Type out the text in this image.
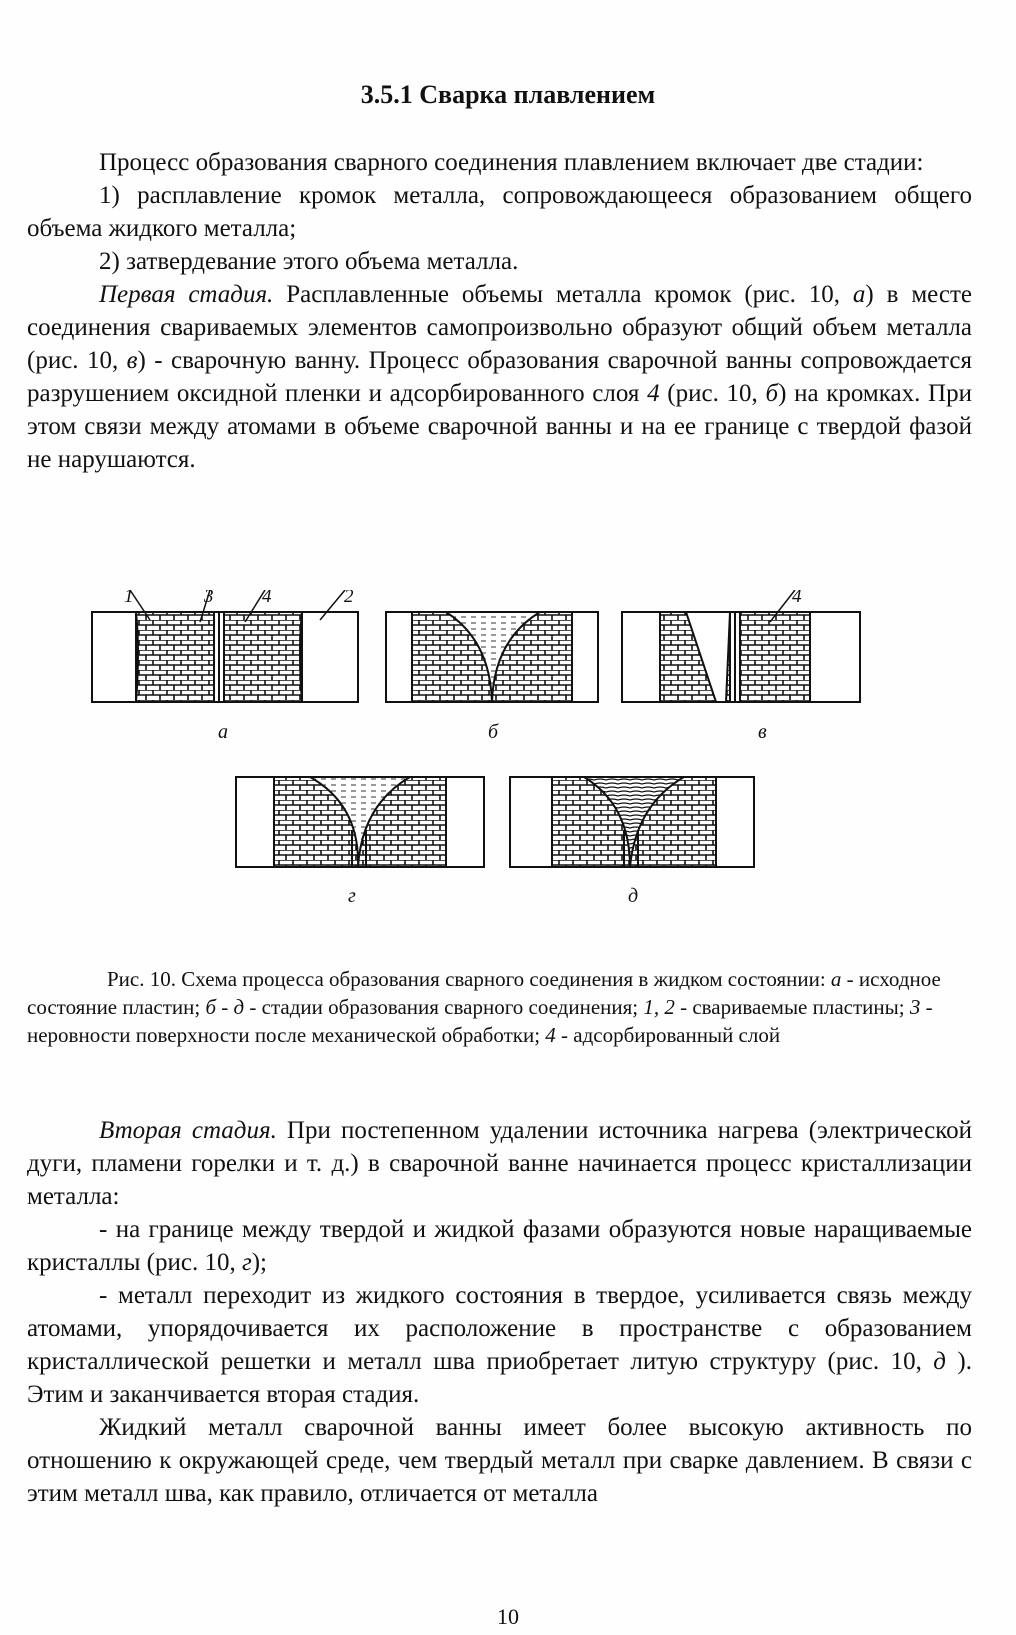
3.5.1 Сварка плавлением

Процесс образования сварного соединения плавлением включает две стадии:

1) расплавление кромок металла, сопровождающееся образованием общего объема жидкого металла;

2) затвердевание этого объема металла.

Первая стадия. Расплавленные объемы металла кромок (рис. 10, а) в месте соединения свариваемых элементов самопроизвольно образуют общий объем металла (рис. 10, в) - сварочную ванну. Процесс образования сварочной ванны сопровождается разрушением оксидной пленки и адсорбированного слоя 4 (рис. 10, б) на кромках. При этом связи между атомами в объеме сварочной ванны и на ее границе с твердой фазой не нарушаются.

1	3	4	2	4
а	б	в
г	д

Рис. 10. Схема процесса образования сварного соединения в жидком состоянии: а - исходное состояние пластин; б - д - стадии образования сварного соединения; 1, 2 - свариваемые пластины; 3 - неровности поверхности после механической обработки; 4 - адсорбированный слой

Вторая стадия. При постепенном удалении источника нагрева (электрической дуги, пламени горелки и т. д.) в сварочной ванне начинается процесс кристаллизации металла:

- на границе между твердой и жидкой фазами образуются новые наращиваемые кристаллы (рис. 10, г);

- металл переходит из жидкого состояния в твердое, усиливается связь между атомами, упорядочивается их расположение в пространстве с образованием кристаллической решетки и металл шва приобретает литую структуру (рис. 10, д ). Этим и заканчивается вторая стадия.

Жидкий металл сварочной ванны имеет более высокую активность по отношению к окружающей среде, чем твердый металл при сварке давлением. В связи с этим металл шва, как правило, отличается от металла

10
